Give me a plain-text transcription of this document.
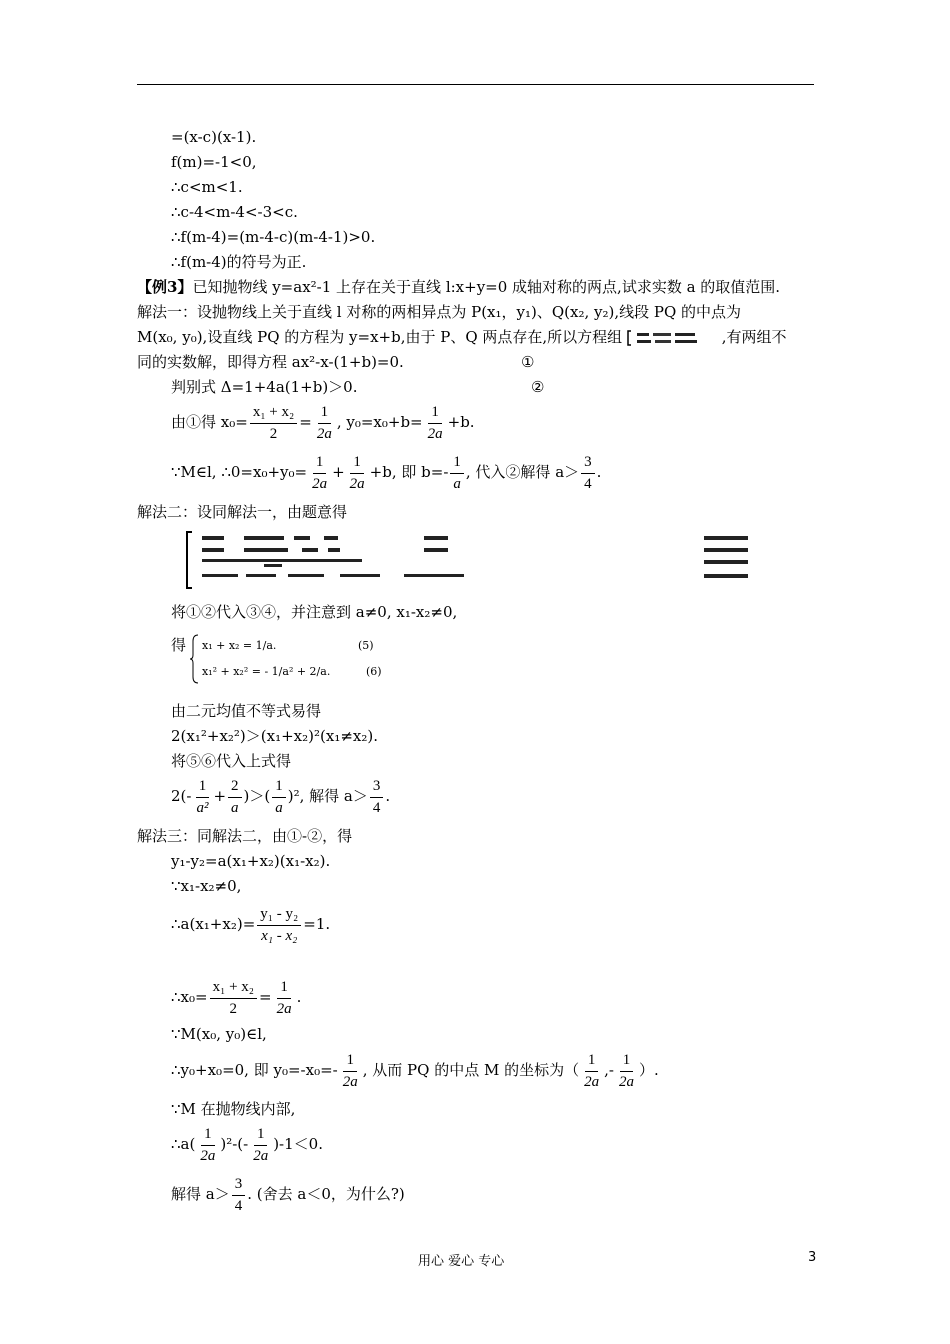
=(x-c)(x-1).
f(m)=-1<0,
∴c<m<1.
∴c-4<m-4<-3<c.
∴f(m-4)=(m-4-c)(m-4-1)>0.
∴f(m-4)的符号为正.
【例3】已知抛物线 y=ax²-1 上存在关于直线 l:x+y=0 成轴对称的两点,试求实数 a 的取值范围.
解法一：设抛物线上关于直线 l 对称的两相异点为 P(x₁，y₁)、Q(x₂, y₂),线段 PQ 的中点为
M(x₀, y₀),设直线 PQ 的方程为 y=x+b,由于 P、Q 两点存在,所以方程组	,有两组不
同的实数解，即得方程 ax²-x-(1+b)=0.	①
判别式 Δ=1+4a(1+b)＞0.	②
由①得 $x_0= \frac{\text{x₁ + x₂}}{2} = \frac{1}{2a}$ , $y_0=x_0+b= \frac{1}{2a} +b$.
∵M∈l, ∴0=x₀+y₀= $\frac{1}{2a} + \frac{1}{2a} +b$, 即 $b=- \frac{1}{a}$ , 代入②解得 $a> \frac{3}{4}$ .
解法二：设同解法一，由题意得
将①②代入③④，并注意到 a≠0, x₁-x₂≠0,
得 x₁ + x₂ = 1/a.
x₁² + x₂² = - 1/a² + 2/a.
(5)
(6)
由二元均值不等式易得
2(x₁²+x₂²)＞(x₁+x₂)²(x₁≠x₂).
将⑤⑥代入上式得
$2(- \frac{1}{\text{a²}} + \frac{2}{a}$ )＞( $\frac{1}{a} )^2$, 解得 $a> \frac{3}{4}$ .
解法三：同解法二，由①-②，得
y₁-y₂=a(x₁+x₂)(x₁-x₂).
∵x₁-x₂≠0,
∴a(x₁+x₂)= $\frac{\text{y₁ - y₂}}{\text{x₁ - x₂}} =1$.
∴x₀= $\frac{\text{x₁ + x₂}}{2} = \frac{1}{2a}$ .
∵M(x₀, y₀)∈l,
∴y₀+x₀=0, 即 $y_0=-x_0=- \frac{1}{2a}$ , 从而 PQ 的中点 M 的坐标为（ $\frac{1}{2a}$ ,- $\frac{1}{2a}$ ）.
∵M 在抛物线内部,
∴a( $\frac{1}{2a} )^2-(- \frac{1}{2a} )-1<0$.
解得 $a> \frac{3}{4}$ . (舍去 a＜0，为什么?)
用心 爱心 专心	3
